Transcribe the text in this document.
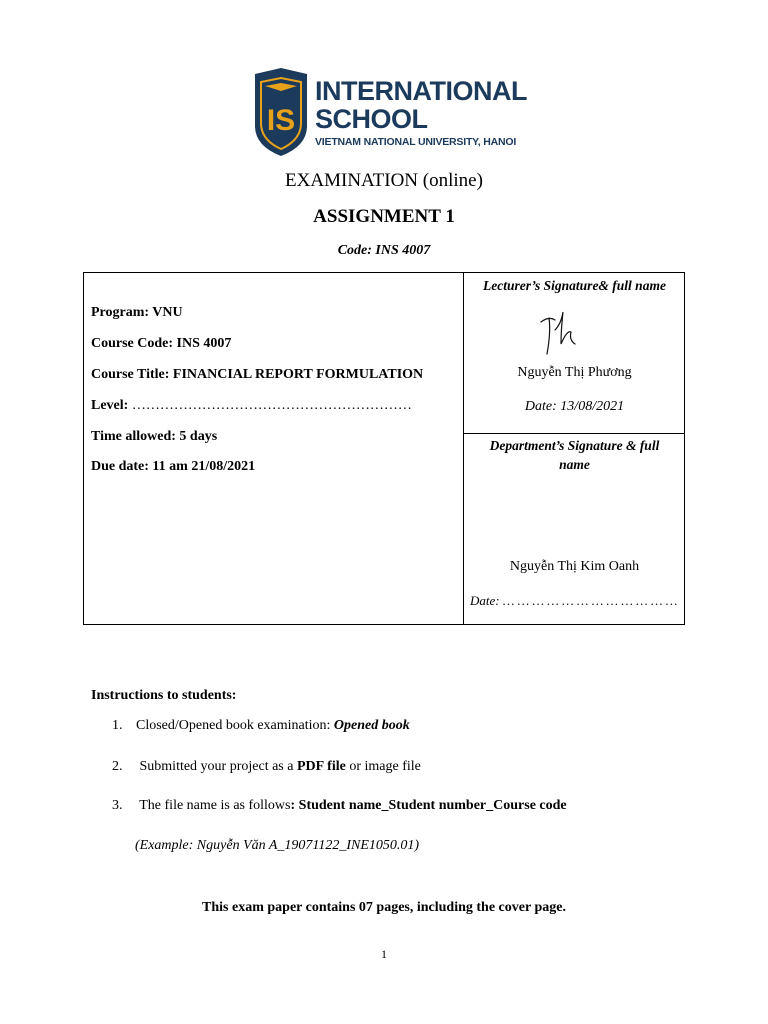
IS
INTERNATIONAL
SCHOOL
VIETNAM NATIONAL UNIVERSITY, HANOI
EXAMINATION (online)
ASSIGNMENT 1
Code: INS 4007
Program: VNU
Course Code: INS 4007
Course Title: FINANCIAL REPORT FORMULATION
Level: ……………………………………………………
Time allowed: 5 days
Due date: 11 am 21/08/2021
Lecturer’s Signature& full name
Nguyễn Thị Phương
Date: 13/08/2021
Department’s Signature & full
name
Nguyễn Thị Kim Oanh
Date: … … … … … … … … … … … …
Instructions to students:
1. Closed/Opened book examination: Opened book
2. Submitted your project as a PDF file or image file
3. The file name is as follows: Student name_Student number_Course code
(Example: Nguyễn Văn A_19071122_INE1050.01)
This exam paper contains 07 pages, including the cover page.
1
